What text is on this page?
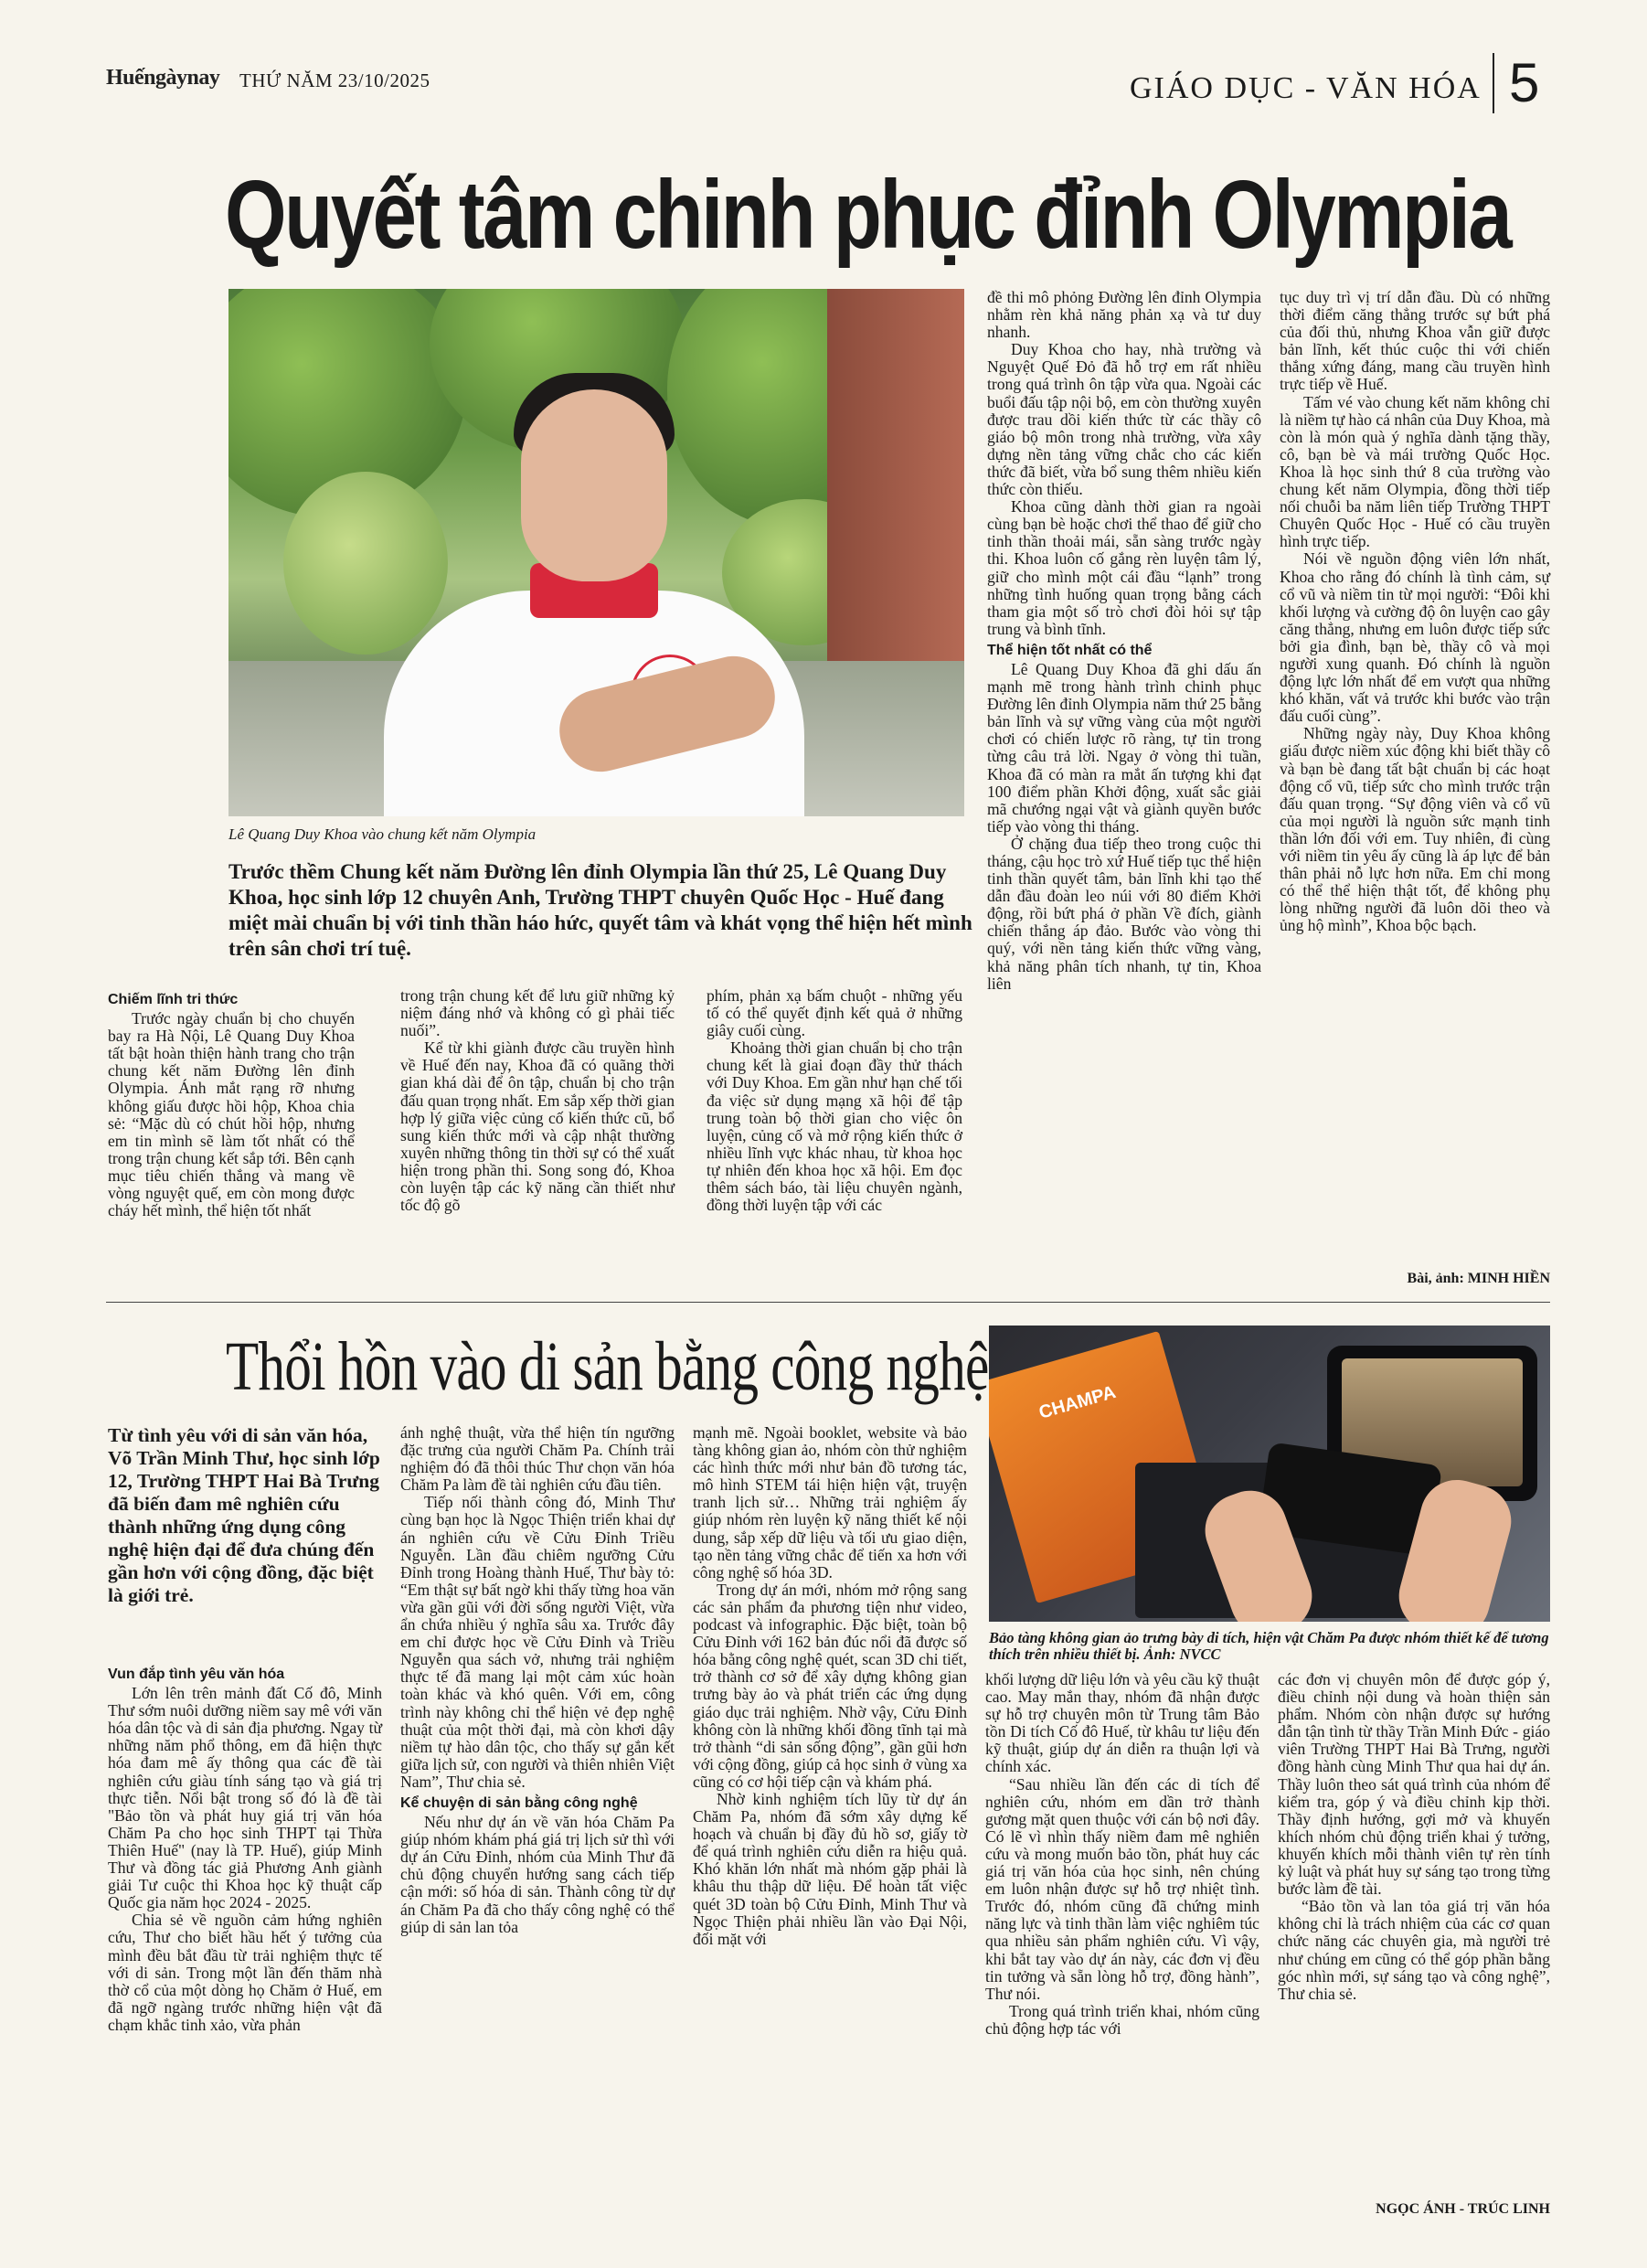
Huếngàynay THỨ NĂM 23/10/2025	GIÁO DỤC - VĂN HÓA 5
Quyết tâm chinh phục đỉnh Olympia
Lê Quang Duy Khoa vào chung kết năm Olympia
Trước thềm Chung kết năm Đường lên đỉnh Olympia lần thứ 25, Lê Quang Duy Khoa, học sinh lớp 12 chuyên Anh, Trường THPT chuyên Quốc Học - Huế đang miệt mài chuẩn bị với tinh thần háo hức, quyết tâm và khát vọng thể hiện hết mình trên sân chơi trí tuệ.
Chiếm lĩnh tri thức

Trước ngày chuẩn bị cho chuyến bay ra Hà Nội, Lê Quang Duy Khoa tất bật hoàn thiện hành trang cho trận chung kết năm Đường lên đỉnh Olympia. Ánh mắt rạng rỡ nhưng không giấu được hồi hộp, Khoa chia sẻ: “Mặc dù có chút hồi hộp, nhưng em tin mình sẽ làm tốt nhất có thể trong trận chung kết sắp tới. Bên cạnh mục tiêu chiến thắng và mang về vòng nguyệt quế, em còn mong được cháy hết mình, thể hiện tốt nhất

trong trận chung kết để lưu giữ những kỷ niệm đáng nhớ và không có gì phải tiếc nuối”.

Kể từ khi giành được cầu truyền hình về Huế đến nay, Khoa đã có quãng thời gian khá dài để ôn tập, chuẩn bị cho trận đấu quan trọng nhất. Em sắp xếp thời gian hợp lý giữa việc củng cố kiến thức cũ, bổ sung kiến thức mới và cập nhật thường xuyên những thông tin thời sự có thể xuất hiện trong phần thi. Song song đó, Khoa còn luyện tập các kỹ năng cần thiết như tốc độ gõ

phím, phản xạ bấm chuột - những yếu tố có thể quyết định kết quả ở những giây cuối cùng.

Khoảng thời gian chuẩn bị cho trận chung kết là giai đoạn đầy thử thách với Duy Khoa. Em gần như hạn chế tối đa việc sử dụng mạng xã hội để tập trung toàn bộ thời gian cho việc ôn luyện, củng cố và mở rộng kiến thức ở nhiều lĩnh vực khác nhau, từ khoa học tự nhiên đến khoa học xã hội. Em đọc thêm sách báo, tài liệu chuyên ngành, đồng thời luyện tập với các

đề thi mô phỏng Đường lên đỉnh Olympia nhằm rèn khả năng phản xạ và tư duy nhanh.

Duy Khoa cho hay, nhà trường và Nguyệt Quế Đỏ đã hỗ trợ em rất nhiều trong quá trình ôn tập vừa qua. Ngoài các buổi đấu tập nội bộ, em còn thường xuyên được trau dồi kiến thức từ các thầy cô giáo bộ môn trong nhà trường, vừa xây dựng nền tảng vững chắc cho các kiến thức đã biết, vừa bổ sung thêm nhiều kiến thức còn thiếu.

Khoa cũng dành thời gian ra ngoài cùng bạn bè hoặc chơi thể thao để giữ cho tinh thần thoải mái, sẵn sàng trước ngày thi. Khoa luôn cố gắng rèn luyện tâm lý, giữ cho mình một cái đầu “lạnh” trong những tình huống quan trọng bằng cách tham gia một số trò chơi đòi hỏi sự tập trung và bình tĩnh.

Thể hiện tốt nhất có thể

Lê Quang Duy Khoa đã ghi dấu ấn mạnh mẽ trong hành trình chinh phục Đường lên đỉnh Olympia năm thứ 25 bằng bản lĩnh và sự vững vàng của một người chơi có chiến lược rõ ràng, tự tin trong từng câu trả lời. Ngay ở vòng thi tuần, Khoa đã có màn ra mắt ấn tượng khi đạt 100 điểm phần Khởi động, xuất sắc giải mã chướng ngại vật và giành quyền bước tiếp vào vòng thi tháng.

Ở chặng đua tiếp theo trong cuộc thi tháng, cậu học trò xứ Huế tiếp tục thể hiện tinh thần quyết tâm, bản lĩnh khi tạo thế dẫn đầu đoàn leo núi với 80 điểm Khởi động, rồi bứt phá ở phần Về đích, giành chiến thắng áp đảo. Bước vào vòng thi quý, với nền tảng kiến thức vững vàng, khả năng phân tích nhanh, tự tin, Khoa liên

tục duy trì vị trí dẫn đầu. Dù có những thời điểm căng thẳng trước sự bứt phá của đối thủ, nhưng Khoa vẫn giữ được bản lĩnh, kết thúc cuộc thi với chiến thắng xứng đáng, mang cầu truyền hình trực tiếp về Huế.

Tấm vé vào chung kết năm không chỉ là niềm tự hào cá nhân của Duy Khoa, mà còn là món quà ý nghĩa dành tặng thầy, cô, bạn bè và mái trường Quốc Học. Khoa là học sinh thứ 8 của trường vào chung kết năm Olympia, đồng thời tiếp nối chuỗi ba năm liên tiếp Trường THPT Chuyên Quốc Học - Huế có cầu truyền hình trực tiếp.

Nói về nguồn động viên lớn nhất, Khoa cho rằng đó chính là tình cảm, sự cổ vũ và niềm tin từ mọi người: “Đôi khi khối lượng và cường độ ôn luyện cao gây căng thẳng, nhưng em luôn được tiếp sức bởi gia đình, bạn bè, thầy cô và mọi người xung quanh. Đó chính là nguồn động lực lớn nhất để em vượt qua những khó khăn, vất vả trước khi bước vào trận đấu cuối cùng”.

Những ngày này, Duy Khoa không giấu được niềm xúc động khi biết thầy cô và bạn bè đang tất bật chuẩn bị các hoạt động cổ vũ, tiếp sức cho mình trước trận đấu quan trọng. “Sự động viên và cổ vũ của mọi người là nguồn sức mạnh tinh thần lớn đối với em. Tuy nhiên, đi cùng với niềm tin yêu ấy cũng là áp lực để bản thân phải nỗ lực hơn nữa. Em chỉ mong có thể thể hiện thật tốt, để không phụ lòng những người đã luôn dõi theo và ủng hộ mình”, Khoa bộc bạch.

Bài, ảnh: MINH HIỀN
Thổi hồn vào di sản bằng công nghệ	CHAMPA
Bảo tàng không gian ảo trưng bày di tích, hiện vật Chăm Pa được nhóm thiết kế để tương thích trên nhiều thiết bị. Ảnh: NVCC
Từ tình yêu với di sản văn hóa, Võ Trần Minh Thư, học sinh lớp 12, Trường THPT Hai Bà Trưng đã biến đam mê nghiên cứu thành những ứng dụng công nghệ hiện đại để đưa chúng đến gần hơn với cộng đồng, đặc biệt là giới trẻ.
Vun đắp tình yêu văn hóa

Lớn lên trên mảnh đất Cố đô, Minh Thư sớm nuôi dưỡng niềm say mê với văn hóa dân tộc và di sản địa phương. Ngay từ những năm phổ thông, em đã hiện thực hóa đam mê ấy thông qua các đề tài nghiên cứu giàu tính sáng tạo và giá trị thực tiễn. Nổi bật trong số đó là đề tài "Bảo tồn và phát huy giá trị văn hóa Chăm Pa cho học sinh THPT tại Thừa Thiên Huế" (nay là TP. Huế), giúp Minh Thư và đồng tác giả Phương Anh giành giải Tư cuộc thi Khoa học kỹ thuật cấp Quốc gia năm học 2024 - 2025.

Chia sẻ về nguồn cảm hứng nghiên cứu, Thư cho biết hầu hết ý tưởng của mình đều bắt đầu từ trải nghiệm thực tế với di sản. Trong một lần đến thăm nhà thờ cổ của một dòng họ Chăm ở Huế, em đã ngỡ ngàng trước những hiện vật đã chạm khắc tinh xảo, vừa phản

ánh nghệ thuật, vừa thể hiện tín ngưỡng đặc trưng của người Chăm Pa. Chính trải nghiệm đó đã thôi thúc Thư chọn văn hóa Chăm Pa làm đề tài nghiên cứu đầu tiên.

Tiếp nối thành công đó, Minh Thư cùng bạn học là Ngọc Thiện triển khai dự án nghiên cứu về Cửu Đỉnh Triều Nguyễn. Lần đầu chiêm ngưỡng Cửu Đỉnh trong Hoàng thành Huế, Thư bày tỏ: “Em thật sự bất ngờ khi thấy từng hoa văn vừa gần gũi với đời sống người Việt, vừa ẩn chứa nhiều ý nghĩa sâu xa. Trước đây em chỉ được học về Cửu Đỉnh và Triều Nguyễn qua sách vở, nhưng trải nghiệm thực tế đã mang lại một cảm xúc hoàn toàn khác và khó quên. Với em, công trình này không chỉ thể hiện vẻ đẹp nghệ thuật của một thời đại, mà còn khơi dậy niềm tự hào dân tộc, cho thấy sự gắn kết giữa lịch sử, con người và thiên nhiên Việt Nam”, Thư chia sẻ.

Kể chuyện di sản bằng công nghệ

Nếu như dự án về văn hóa Chăm Pa giúp nhóm khám phá giá trị lịch sử thì với dự án Cửu Đỉnh, nhóm của Minh Thư đã chủ động chuyển hướng sang cách tiếp cận mới: số hóa di sản. Thành công từ dự án Chăm Pa đã cho thấy công nghệ có thể giúp di sản lan tỏa

mạnh mẽ. Ngoài booklet, website và bảo tàng không gian ảo, nhóm còn thử nghiệm các hình thức mới như bản đồ tương tác, mô hình STEM tái hiện hiện vật, truyện tranh lịch sử… Những trải nghiệm ấy giúp nhóm rèn luyện kỹ năng thiết kế nội dung, sắp xếp dữ liệu và tối ưu giao diện, tạo nền tảng vững chắc để tiến xa hơn với công nghệ số hóa 3D.

Trong dự án mới, nhóm mở rộng sang các sản phẩm đa phương tiện như video, podcast và infographic. Đặc biệt, toàn bộ Cửu Đỉnh với 162 bản đúc nổi đã được số hóa bằng công nghệ quét, scan 3D chi tiết, trở thành cơ sở để xây dựng không gian trưng bày ảo và phát triển các ứng dụng giáo dục trải nghiệm. Nhờ vậy, Cửu Đỉnh không còn là những khối đồng tĩnh tại mà trở thành “di sản sống động”, gần gũi hơn với cộng đồng, giúp cả học sinh ở vùng xa cũng có cơ hội tiếp cận và khám phá.

Nhờ kinh nghiệm tích lũy từ dự án Chăm Pa, nhóm đã sớm xây dựng kế hoạch và chuẩn bị đầy đủ hồ sơ, giấy tờ để quá trình nghiên cứu diễn ra hiệu quả. Khó khăn lớn nhất mà nhóm gặp phải là khâu thu thập dữ liệu. Để hoàn tất việc quét 3D toàn bộ Cửu Đỉnh, Minh Thư và Ngọc Thiện phải nhiều lần vào Đại Nội, đối mặt với

khối lượng dữ liệu lớn và yêu cầu kỹ thuật cao. May mắn thay, nhóm đã nhận được sự hỗ trợ chuyên môn từ Trung tâm Bảo tồn Di tích Cố đô Huế, từ khâu tư liệu đến kỹ thuật, giúp dự án diễn ra thuận lợi và chính xác.

“Sau nhiều lần đến các di tích để nghiên cứu, nhóm em dần trở thành gương mặt quen thuộc với cán bộ nơi đây. Có lẽ vì nhìn thấy niềm đam mê nghiên cứu và mong muốn bảo tồn, phát huy các giá trị văn hóa của học sinh, nên chúng em luôn nhận được sự hỗ trợ nhiệt tình. Trước đó, nhóm cũng đã chứng minh năng lực và tinh thần làm việc nghiêm túc qua nhiều sản phẩm nghiên cứu. Vì vậy, khi bắt tay vào dự án này, các đơn vị đều tin tưởng và sẵn lòng hỗ trợ, đồng hành”, Thư nói.

Trong quá trình triển khai, nhóm cũng chủ động hợp tác với

các đơn vị chuyên môn để được góp ý, điều chỉnh nội dung và hoàn thiện sản phẩm. Nhóm còn nhận được sự hướng dẫn tận tình từ thầy Trần Minh Đức - giáo viên Trường THPT Hai Bà Trưng, người đồng hành cùng Minh Thư qua hai dự án. Thầy luôn theo sát quá trình của nhóm để kiểm tra, góp ý và điều chỉnh kịp thời. Thầy định hướng, gợi mở và khuyến khích nhóm chủ động triển khai ý tưởng, khuyến khích mỗi thành viên tự rèn tính kỷ luật và phát huy sự sáng tạo trong từng bước làm đề tài.

“Bảo tồn và lan tỏa giá trị văn hóa không chỉ là trách nhiệm của các cơ quan chức năng các chuyên gia, mà người trẻ như chúng em cũng có thể góp phần bằng góc nhìn mới, sự sáng tạo và công nghệ”, Thư chia sẻ.

NGỌC ÁNH - TRÚC LINH
